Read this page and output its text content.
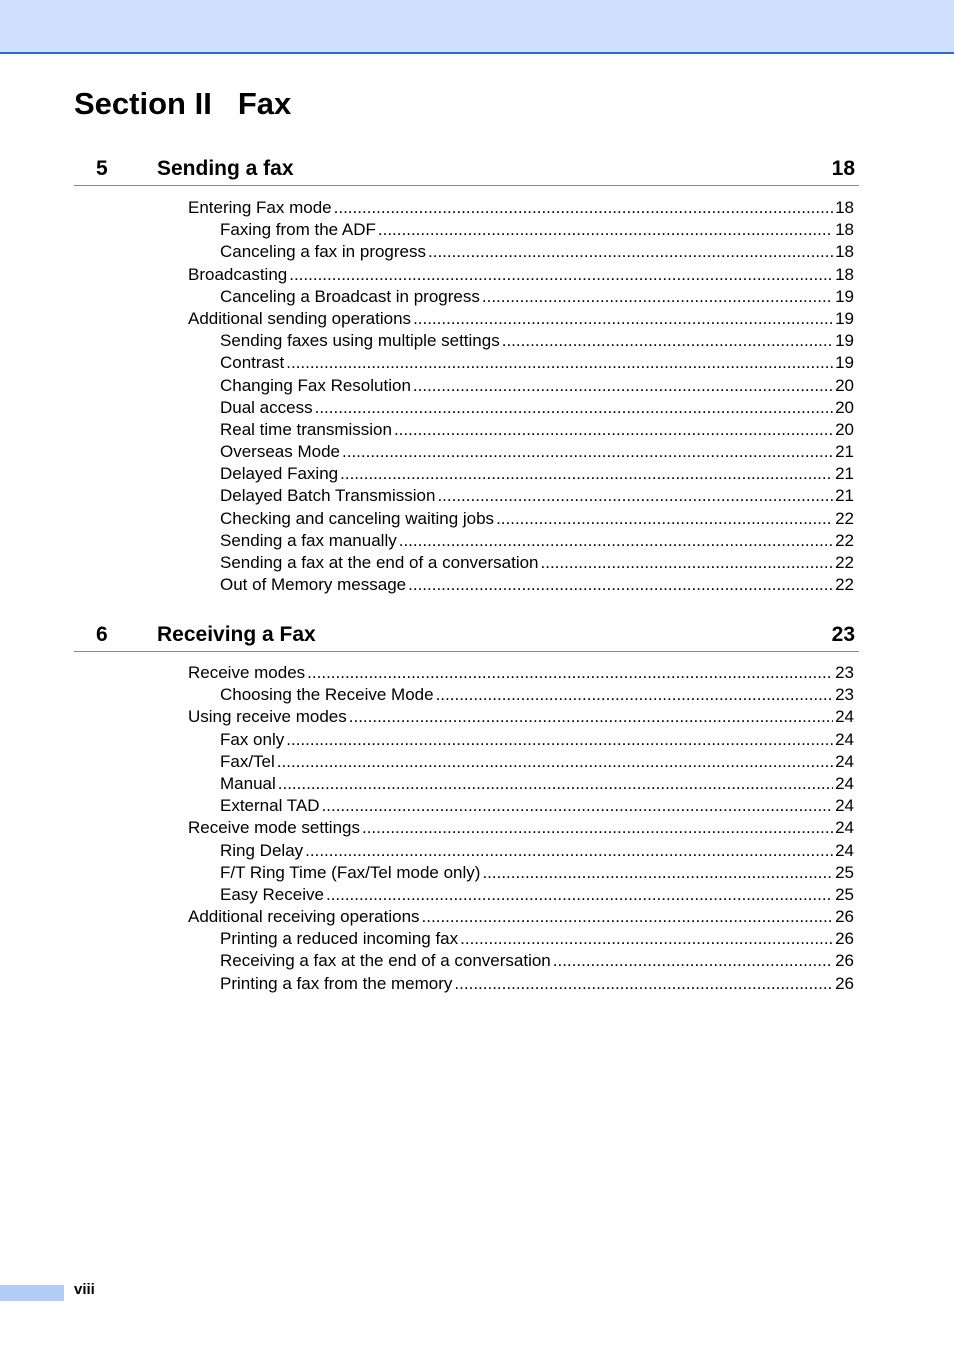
Section II Fax
5 Sending a fax	18
Entering Fax mode .....	18
Faxing from the ADF .....	18
Canceling a fax in progress .....	18
Broadcasting .....	18
Canceling a Broadcast in progress .....	19
Additional sending operations .....	19
Sending faxes using multiple settings .....	19
Contrast .....	19
Changing Fax Resolution .....	20
Dual access .....	20
Real time transmission .....	20
Overseas Mode .....	21
Delayed Faxing .....	21
Delayed Batch Transmission .....	21
Checking and canceling waiting jobs .....	22
Sending a fax manually .....	22
Sending a fax at the end of a conversation .....	22
Out of Memory message .....	22
6 Receiving a Fax	23
Receive modes .....	23
Choosing the Receive Mode .....	23
Using receive modes .....	24
Fax only .....	24
Fax/Tel .....	24
Manual .....	24
External TAD .....	24
Receive mode settings .....	24
Ring Delay .....	24
F/T Ring Time (Fax/Tel mode only) .....	25
Easy Receive .....	25
Additional receiving operations .....	26
Printing a reduced incoming fax .....	26
Receiving a fax at the end of a conversation .....	26
Printing a fax from the memory .....	26
viii
